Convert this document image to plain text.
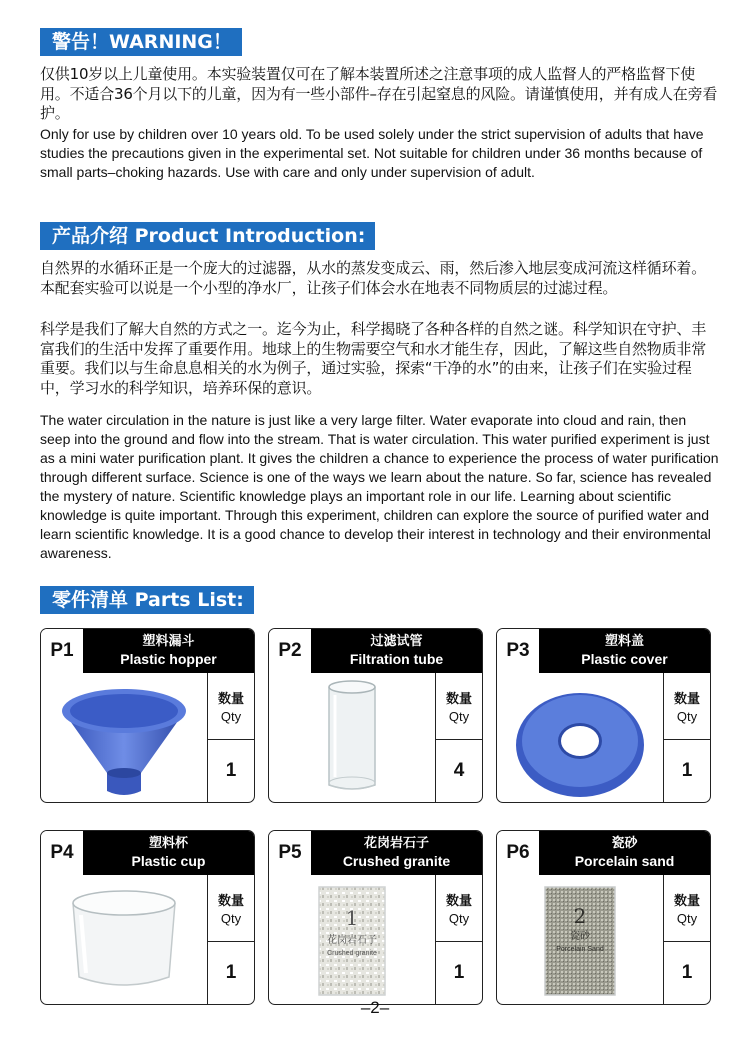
警告！WARNING！

仅供10岁以上儿童使用。本实验装置仅可在了解本装置所述之注意事项的成人监督人的严格监督下使用。不适合36个月以下的儿童，因为有一些小部件–存在引起窒息的风险。请谨慎使用，并有成人在旁看护。

Only for use by children over 10 years old. To be used solely under the strict supervision of adults that have studies the precautions given in the experimental set. Not suitable for children under 36 months because of small parts–choking hazards. Use with care and only under supervision of adult.

产品介绍 Product Introduction:

自然界的水循环正是一个庞大的过滤器，从水的蒸发变成云、雨，然后渗入地层变成河流这样循环着。本配套实验可以说是一个小型的净水厂，让孩子们体会水在地表不同物质层的过滤过程。

科学是我们了解大自然的方式之一。迄今为止，科学揭晓了各种各样的自然之谜。科学知识在守护、丰富我们的生活中发挥了重要作用。地球上的生物需要空气和水才能生存，因此，了解这些自然物质非常重要。我们以与生命息息相关的水为例子，通过实验，探索“干净的水”的由来，让孩子们在实验过程中，学习水的科学知识，培养环保的意识。

The water circulation in the nature is just like a very large filter. Water evaporate into cloud and rain, then seep into the ground and flow into the stream. That is water circulation. This water purified experiment is just as a mini water purification plant. It gives the children a chance to experience the process of water purification through different surface. Science is one of the ways we learn about the nature. So far, science has revealed the mystery of nature. Scientific knowledge plays an important role in our life. Learning about scientific knowledge is quite important. Through this experiment, children can explore the source of purified water and learn scientific knowledge. It is a good chance to develop their interest in technology and their environmental awareness.

零件清单 Parts List:
P1	塑料漏斗
Plastic hopper
数量
Qty
1
P2	过滤试管
Filtration tube
数量
Qty
4
P3	塑料盖
Plastic cover
数量
Qty
1
P4	塑料杯
Plastic cup
数量
Qty
1
P5	花岗岩石子
Crushed granite
1
花岗岩石子
Crushed granite
数量
Qty
1
P6	瓷砂
Porcelain sand
2
瓷砂
Porcelain Sand
数量
Qty
1
–2–
